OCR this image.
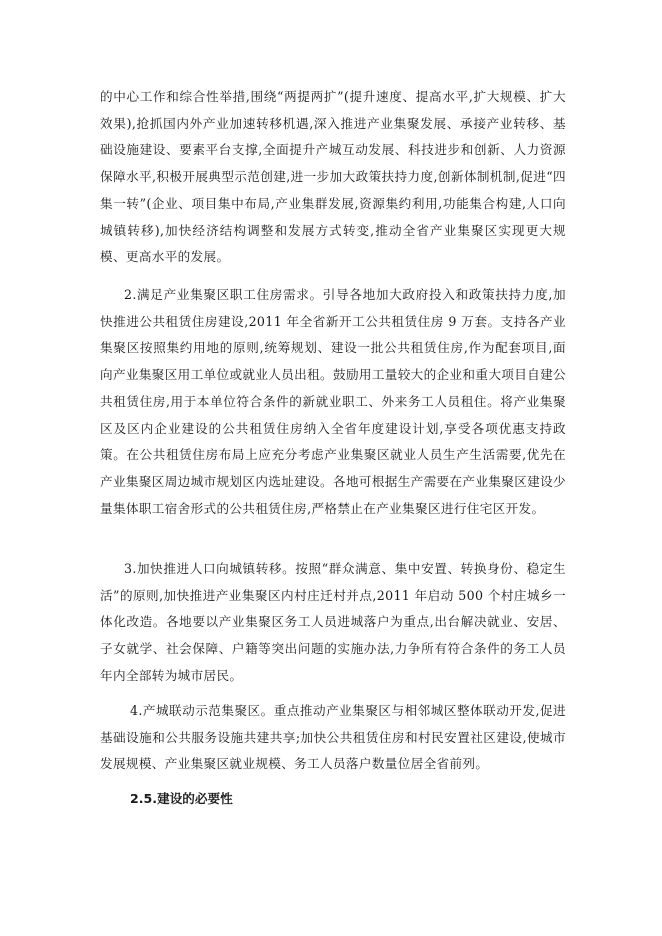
的中心工作和综合性举措,围绕“两提两扩”(提升速度、提高水平,扩大规模、扩大效果),抢抓国内外产业加速转移机遇,深入推进产业集聚发展、承接产业转移、基础设施建设、要素平台支撑,全面提升产城互动发展、科技进步和创新、人力资源保障水平,积极开展典型示范创建,进一步加大政策扶持力度,创新体制机制,促进“四集一转”(企业、项目集中布局,产业集群发展,资源集约利用,功能集合构建,人口向城镇转移),加快经济结构调整和发展方式转变,推动全省产业集聚区实现更大规模、更高水平的发展。

2.满足产业集聚区职工住房需求。引导各地加大政府投入和政策扶持力度,加快推进公共租赁住房建设,2011 年全省新开工公共租赁住房 9 万套。支持各产业集聚区按照集约用地的原则,统筹规划、建设一批公共租赁住房,作为配套项目,面向产业集聚区用工单位或就业人员出租。鼓励用工量较大的企业和重大项目自建公共租赁住房,用于本单位符合条件的新就业职工、外来务工人员租住。将产业集聚区及区内企业建设的公共租赁住房纳入全省年度建设计划,享受各项优惠支持政策。在公共租赁住房布局上应充分考虑产业集聚区就业人员生产生活需要,优先在产业集聚区周边城市规划区内选址建设。各地可根据生产需要在产业集聚区建设少量集体职工宿舍形式的公共租赁住房,严格禁止在产业集聚区进行住宅区开发。

3.加快推进人口向城镇转移。按照“群众满意、集中安置、转换身份、稳定生活”的原则,加快推进产业集聚区内村庄迁村并点,2011 年启动 500 个村庄城乡一体化改造。各地要以产业集聚区务工人员进城落户为重点,出台解决就业、安居、子女就学、社会保障、户籍等突出问题的实施办法,力争所有符合条件的务工人员年内全部转为城市居民。

4.产城联动示范集聚区。重点推动产业集聚区与相邻城区整体联动开发,促进基础设施和公共服务设施共建共享;加快公共租赁住房和村民安置社区建设,使城市发展规模、产业集聚区就业规模、务工人员落户数量位居全省前列。

2.5.建设的必要性
